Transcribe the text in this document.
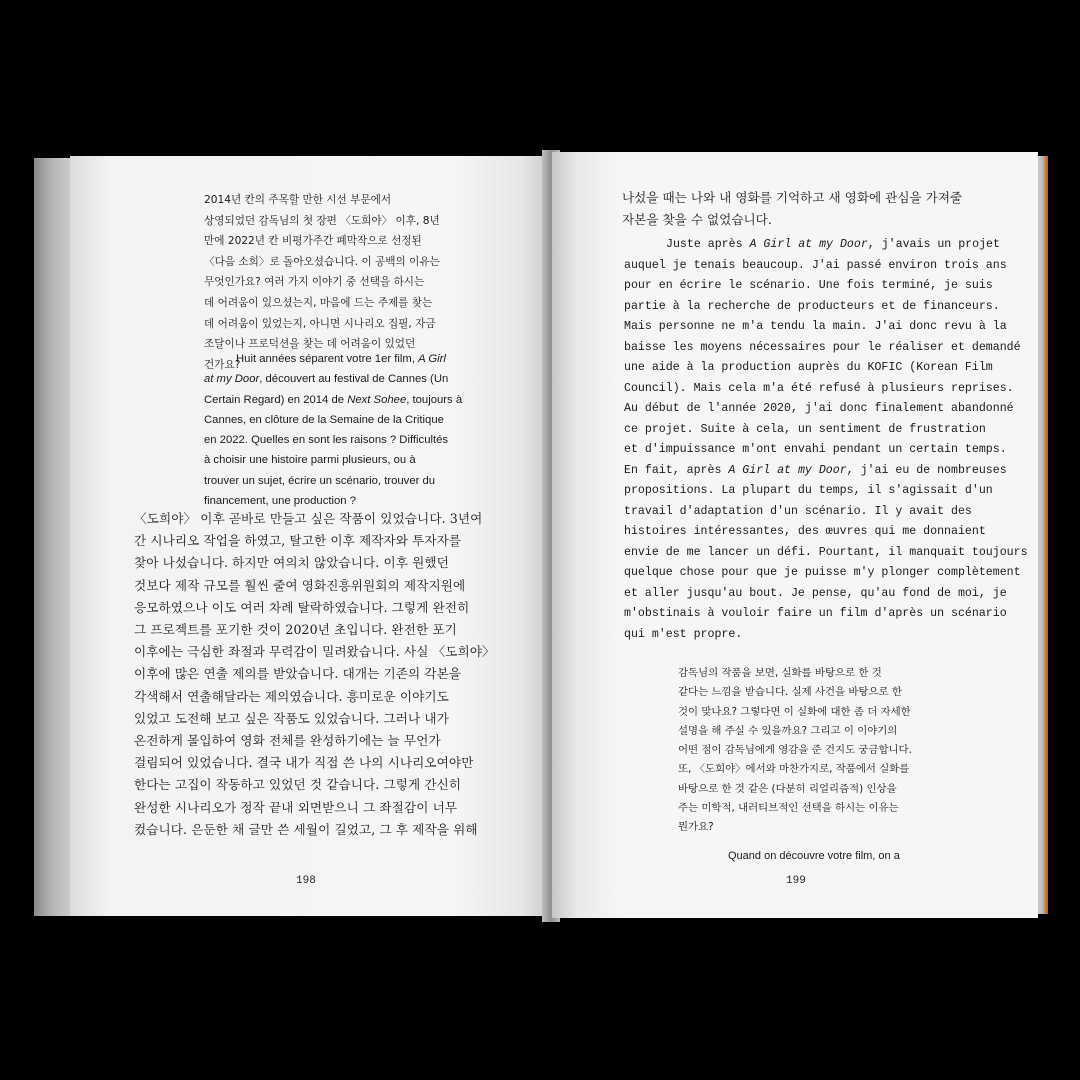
2014년 칸의 주목할 만한 시선 부문에서
상영되었던 감독님의 첫 장편 〈도희야〉 이후, 8년
만에 2022년 칸 비평가주간 폐막작으로 선정된
〈다음 소희〉로 돌아오셨습니다. 이 공백의 이유는
무엇인가요? 여러 가지 이야기 중 선택을 하시는
데 어려움이 있으셨는지, 마음에 드는 주제를 찾는
데 어려움이 있었는지, 아니면 시나리오 집필, 자금
조달이나 프로덕션을 찾는 데 어려움이 있었던
건가요?
Huit années séparent votre 1er film, A Girl
at my Door, découvert au festival de Cannes (Un
Certain Regard) en 2014 de Next Sohee, toujours à
Cannes, en clôture de la Semaine de la Critique
en 2022. Quelles en sont les raisons ? Difficultés
à choisir une histoire parmi plusieurs, ou à
trouver un sujet, écrire un scénario, trouver du
financement, une production ?
〈도희야〉 이후 곧바로 만들고 싶은 작품이 있었습니다. 3년여
간 시나리오 작업을 하였고, 탈고한 이후 제작자와 투자자를
찾아 나섰습니다. 하지만 여의치 않았습니다. 이후 원했던
것보다 제작 규모를 훨씬 줄여 영화진흥위원회의 제작지원에
응모하였으나 이도 여러 차례 탈락하였습니다. 그렇게 완전히
그 프로젝트를 포기한 것이 2020년 초입니다. 완전한 포기
이후에는 극심한 좌절과 무력감이 밀려왔습니다. 사실 〈도희야〉
이후에 많은 연출 제의를 받았습니다. 대개는 기존의 각본을
각색해서 연출해달라는 제의였습니다. 흥미로운 이야기도
있었고 도전해 보고 싶은 작품도 있었습니다. 그러나 내가
온전하게 몰입하여 영화 전체를 완성하기에는 늘 무언가
걸림되어 있었습니다. 결국 내가 직접 쓴 나의 시나리오여야만
한다는 고집이 작동하고 있었던 것 같습니다. 그렇게 간신히
완성한 시나리오가 정작 끝내 외면받으니 그 좌절감이 너무
컸습니다. 은둔한 채 글만 쓴 세월이 길었고, 그 후 제작을 위해
198
나섰을 때는 나와 내 영화를 기억하고 새 영화에 관심을 가져줄
자본을 찾을 수 없었습니다.
Juste après A Girl at my Door, j'avais un projet
auquel je tenais beaucoup. J'ai passé environ trois ans
pour en écrire le scénario. Une fois terminé, je suis
partie à la recherche de producteurs et de financeurs.
Mais personne ne m'a tendu la main. J'ai donc revu à la
baisse les moyens nécessaires pour le réaliser et demandé
une aide à la production auprès du KOFIC (Korean Film
Council). Mais cela m'a été refusé à plusieurs reprises.
Au début de l'année 2020, j'ai donc finalement abandonné
ce projet. Suite à cela, un sentiment de frustration
et d'impuissance m'ont envahi pendant un certain temps.
En fait, après A Girl at my Door, j'ai eu de nombreuses
propositions. La plupart du temps, il s'agissait d'un
travail d'adaptation d'un scénario. Il y avait des
histoires intéressantes, des œuvres qui me donnaient
envie de me lancer un défi. Pourtant, il manquait toujours
quelque chose pour que je puisse m'y plonger complètement
et aller jusqu'au bout. Je pense, qu'au fond de moi, je
m'obstinais à vouloir faire un film d'après un scénario
qui m'est propre.
감독님의 작품을 보면, 실화를 바탕으로 한 것
같다는 느낌을 받습니다. 실제 사건을 바탕으로 한
것이 맞나요? 그렇다면 이 실화에 대한 좀 더 자세한
설명을 해 주실 수 있을까요? 그리고 이 이야기의
어떤 점이 감독님에게 영감을 준 건지도 궁금합니다.
또, 〈도희야〉에서와 마찬가지로, 작품에서 실화를
바탕으로 한 것 같은 (다분히 리얼리즘적) 인상을
주는 미학적, 내러티브적인 선택을 하시는 이유는
뭔가요?
Quand on découvre votre film, on a
199
